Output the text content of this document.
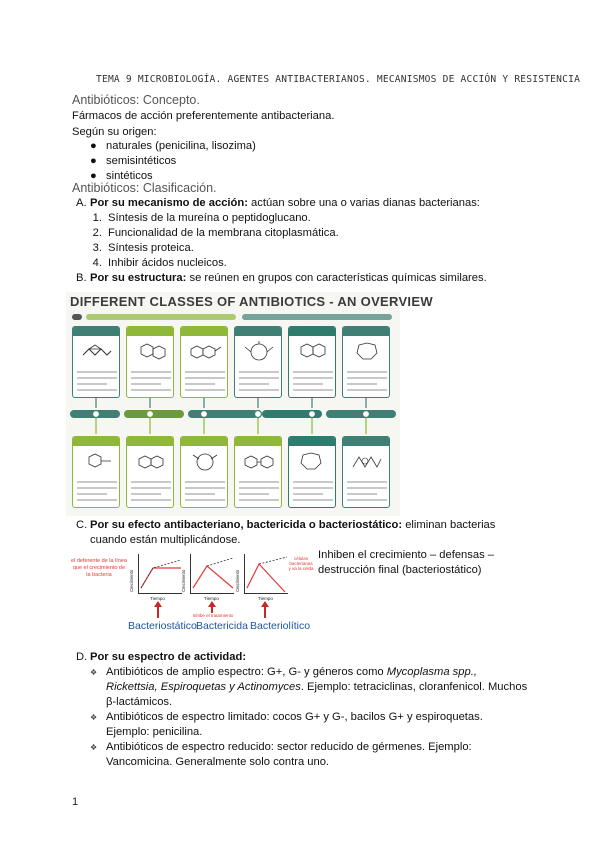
TEMA 9 MICROBIOLOGÍA. AGENTES ANTIBACTERIANOS. MECANISMOS DE ACCIÓN Y RESISTENCIA
Antibióticos: Concepto.
Fármacos de acción preferentemente antibacteriana.
Según su origen:
● naturales (penicilina, lisozima)
● semisintéticos
● sintéticos
Antibióticos: Clasificación.
A. Por su mecanismo de acción: actúan sobre una o varias dianas bacterianas:
1. Síntesis de la mureína o peptidoglucano.
2. Funcionalidad de la membrana citoplasmática.
3. Síntesis proteica.
4. Inhibir ácidos nucleicos.
B. Por su estructura: se reúnen en grupos con características químicas similares.
DIFFERENT CLASSES OF ANTIBIOTICS - AN OVERVIEW
C. Por su efecto antibacteriano, bactericida o bacteriostático: eliminan bacterias
cuando están multiplicándose.
Inhiben el crecimiento – defensas –
destrucción final (bacteriostático)
el deferente de la línea que el crecimiento de la bacteria	Crecimiento
Tiempo
Crecimiento
Tiempo
Crecimiento
Tiempo
células bacterianas y va la celda
Inhibe el tratamiento
Bacteriostático Bactericida Bacteriolítico
D. Por su espectro de actividad:
❖ Antibióticos de amplio espectro: G+, G- y géneros como Mycoplasma spp.,
Rickettsia, Espiroquetas y Actinomyces. Ejemplo: tetraciclinas, cloranfenicol. Muchos
β-lactámicos.
❖ Antibióticos de espectro limitado: cocos G+ y G-, bacilos G+ y espiroquetas.
Ejemplo: penicilina.
❖ Antibióticos de espectro reducido: sector reducido de gérmenes. Ejemplo:
Vancomicina. Generalmente solo contra uno.
1
